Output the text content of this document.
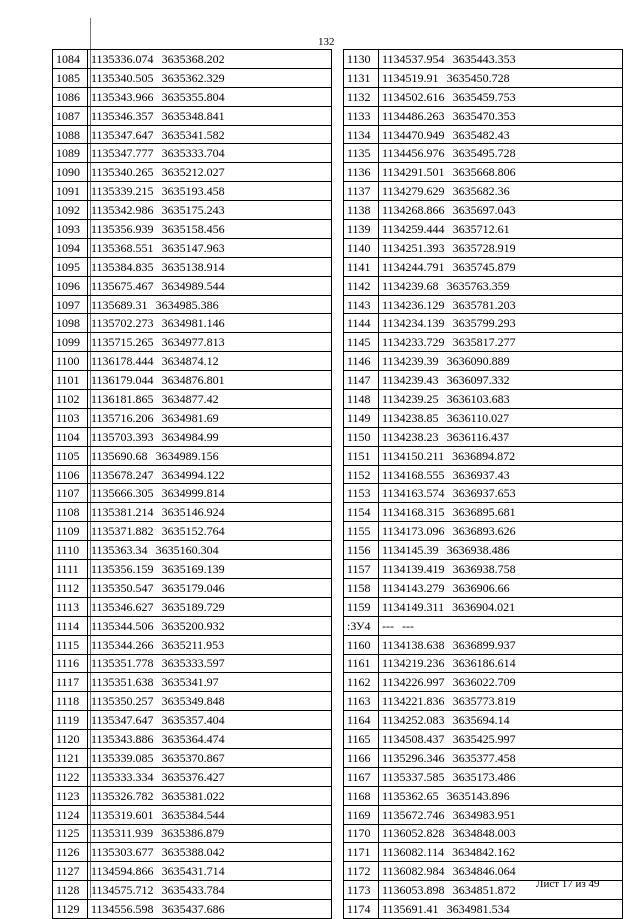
132
1084	1135336.074 3635368.202
1085	1135340.505 3635362.329
1086	1135343.966 3635355.804
1087	1135346.357 3635348.841
1088	1135347.647 3635341.582
1089	1135347.777 3635333.704
1090	1135340.265 3635212.027
1091	1135339.215 3635193.458
1092	1135342.986 3635175.243
1093	1135356.939 3635158.456
1094	1135368.551 3635147.963
1095	1135384.835 3635138.914
1096	1135675.467 3634989.544
1097	1135689.31 3634985.386
1098	1135702.273 3634981.146
1099	1135715.265 3634977.813
1100	1136178.444 3634874.12
1101	1136179.044 3634876.801
1102	1136181.865 3634877.42
1103	1135716.206 3634981.69
1104	1135703.393 3634984.99
1105	1135690.68 3634989.156
1106	1135678.247 3634994.122
1107	1135666.305 3634999.814
1108	1135381.214 3635146.924
1109	1135371.882 3635152.764
1110	1135363.34 3635160.304
1111	1135356.159 3635169.139
1112	1135350.547 3635179.046
1113	1135346.627 3635189.729
1114	1135344.506 3635200.932
1115	1135344.266 3635211.953
1116	1135351.778 3635333.597
1117	1135351.638 3635341.97
1118	1135350.257 3635349.848
1119	1135347.647 3635357.404
1120	1135343.886 3635364.474
1121	1135339.085 3635370.867
1122	1135333.334 3635376.427
1123	1135326.782 3635381.022
1124	1135319.601 3635384.544
1125	1135311.939 3635386.879
1126	1135303.677 3635388.042
1127	1134594.866 3635431.714
1128	1134575.712 3635433.784
1129	1134556.598 3635437.686
1130	1134537.954 3635443.353
1131	1134519.91 3635450.728
1132	1134502.616 3635459.753
1133	1134486.263 3635470.353
1134	1134470.949 3635482.43
1135	1134456.976 3635495.728
1136	1134291.501 3635668.806
1137	1134279.629 3635682.36
1138	1134268.866 3635697.043
1139	1134259.444 3635712.61
1140	1134251.393 3635728.919
1141	1134244.791 3635745.879
1142	1134239.68 3635763.359
1143	1134236.129 3635781.203
1144	1134234.139 3635799.293
1145	1134233.729 3635817.277
1146	1134239.39 3636090.889
1147	1134239.43 3636097.332
1148	1134239.25 3636103.683
1149	1134238.85 3636110.027
1150	1134238.23 3636116.437
1151	1134150.211 3636894.872
1152	1134168.555 3636937.43
1153	1134163.574 3636937.653
1154	1134168.315 3636895.681
1155	1134173.096 3636893.626
1156	1134145.39 3636938.486
1157	1134139.419 3636938.758
1158	1134143.279 3636906.66
1159	1134149.311 3636904.021
:ЗУ4	--- ---
1160	1134138.638 3636899.937
1161	1134219.236 3636186.614
1162	1134226.997 3636022.709
1163	1134221.836 3635773.819
1164	1134252.083 3635694.14
1165	1134508.437 3635425.997
1166	1135296.346 3635377.458
1167	1135337.585 3635173.486
1168	1135362.65 3635143.896
1169	1135672.746 3634983.951
1170	1136052.828 3634848.003
1171	1136082.114 3634842.162
1172	1136082.984 3634846.064
1173	1136053.898 3634851.872
1174	1135691.41 3634981.534
Лист 17 из 49
